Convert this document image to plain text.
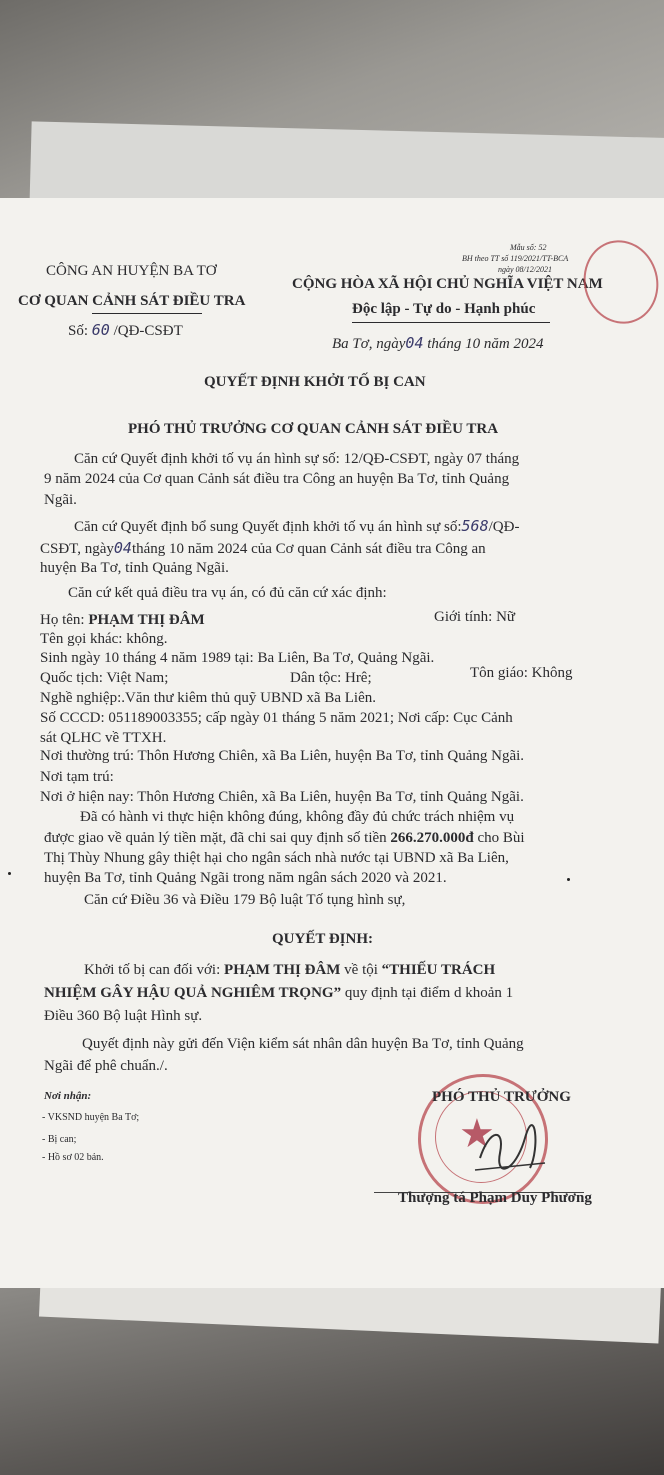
CÔNG AN HUYỆN BA TƠ
CƠ QUAN CẢNH SÁT ĐIỀU TRA
Số: 60 /QĐ-CSĐT
Mẫu số: 52
BH theo TT số 119/2021/TT-BCA
ngày 08/12/2021
CỘNG HÒA XÃ HỘI CHỦ NGHĨA VIỆT NAM
Độc lập - Tự do - Hạnh phúc
Ba Tơ, ngày04 tháng 10 năm 2024
QUYẾT ĐỊNH KHỞI TỐ BỊ CAN
PHÓ THỦ TRƯỞNG CƠ QUAN CẢNH SÁT ĐIỀU TRA
Căn cứ Quyết định khởi tố vụ án hình sự số: 12/QĐ-CSĐT, ngày 07 tháng
9 năm 2024 của Cơ quan Cảnh sát điều tra Công an huyện Ba Tơ, tỉnh Quảng
Ngãi.
Căn cứ Quyết định bổ sung Quyết định khởi tố vụ án hình sự số:568/QĐ-
CSĐT, ngày04tháng 10 năm 2024 của Cơ quan Cảnh sát điều tra Công an
huyện Ba Tơ, tỉnh Quảng Ngãi.
Căn cứ kết quả điều tra vụ án, có đủ căn cứ xác định:
Họ tên: PHẠM THỊ ĐÂM	Giới tính: Nữ
Tên gọi khác: không.
Sinh ngày 10 tháng 4 năm 1989 tại: Ba Liên, Ba Tơ, Quảng Ngãi.
Quốc tịch: Việt Nam;	Dân tộc: Hrê;	Tôn giáo: Không
Nghề nghiệp:.Văn thư kiêm thủ quỹ UBND xã Ba Liên.
Số CCCD: 051189003355; cấp ngày 01 tháng 5 năm 2021; Nơi cấp: Cục Cảnh
sát QLHC về TTXH.
Nơi thường trú: Thôn Hương Chiên, xã Ba Liên, huyện Ba Tơ, tỉnh Quảng Ngãi.
Nơi tạm trú:
Nơi ở hiện nay: Thôn Hương Chiên, xã Ba Liên, huyện Ba Tơ, tỉnh Quảng Ngãi.
Đã có hành vi thực hiện không đúng, không đầy đủ chức trách nhiệm vụ
được giao về quản lý tiền mặt, đã chi sai quy định số tiền 266.270.000đ cho Bùi
Thị Thùy Nhung gây thiệt hại cho ngân sách nhà nước tại UBND xã Ba Liên,
huyện Ba Tơ, tỉnh Quảng Ngãi trong năm ngân sách 2020 và 2021.
Căn cứ Điều 36 và Điều 179 Bộ luật Tố tụng hình sự,
QUYẾT ĐỊNH:
Khởi tố bị can đối với: PHẠM THỊ ĐÂM về tội “THIẾU TRÁCH
NHIỆM GÂY HẬU QUẢ NGHIÊM TRỌNG” quy định tại điểm d khoản 1
Điều 360 Bộ luật Hình sự.
Quyết định này gửi đến Viện kiểm sát nhân dân huyện Ba Tơ, tỉnh Quảng
Ngãi để phê chuẩn./.
Nơi nhận:
- VKSND huyện Ba Tơ;
- Bị can;
- Hồ sơ 02 bản.
★
PHÓ THỦ TRƯỞNG
Thượng tá Phạm Duy Phương
